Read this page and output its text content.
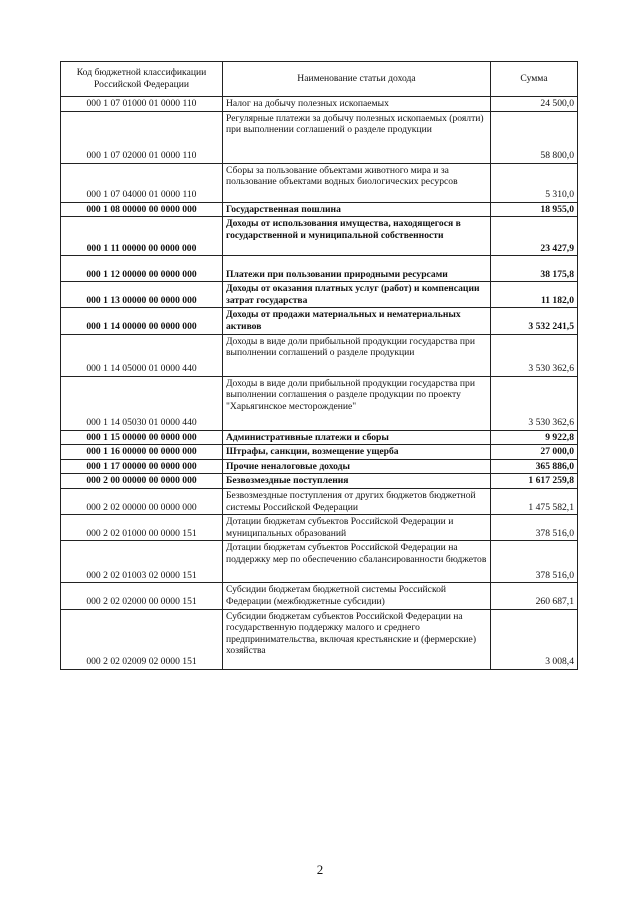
Код бюджетной классификации Российской Федерации	Наименование статьи дохода	Сумма
000 1 07 01000 01 0000 110	Налог на добычу полезных ископаемых	24 500,0
000 1 07 02000 01 0000 110	Регулярные платежи за добычу полезных ископаемых (роялти) при выполнении соглашений о разделе продукции	58 800,0
000 1 07 04000 01 0000 110	Сборы за пользование объектами животного мира и за пользование объектами водных биологических ресурсов	5 310,0
000 1 08 00000 00 0000 000	Государственная пошлина	18 955,0
000 1 11 00000 00 0000 000	Доходы от использования имущества, находящегося в государственной и муниципальной собственности	23 427,9
000 1 12 00000 00 0000 000	Платежи при пользовании природными ресурсами	38 175,8
000 1 13 00000 00 0000 000	Доходы от оказания платных услуг (работ) и компенсации затрат государства	11 182,0
000 1 14 00000 00 0000 000	Доходы от продажи материальных и нематериальных активов	3 532 241,5
000 1 14 05000 01 0000 440	Доходы в виде доли прибыльной продукции государства при выполнении соглашений о разделе продукции	3 530 362,6
000 1 14 05030 01 0000 440	Доходы в виде доли прибыльной продукции государства при выполнении соглашения о разделе продукции по проекту "Харьягинское месторождение"	3 530 362,6
000 1 15 00000 00 0000 000	Административные платежи и сборы	9 922,8
000 1 16 00000 00 0000 000	Штрафы, санкции, возмещение ущерба	27 000,0
000 1 17 00000 00 0000 000	Прочие неналоговые доходы	365 886,0
000 2 00 00000 00 0000 000	Безвозмездные поступления	1 617 259,8
000 2 02 00000 00 0000 000	Безвозмездные поступления от других бюджетов бюджетной системы Российской Федерации	1 475 582,1
000 2 02 01000 00 0000 151	Дотации бюджетам субъектов Российской Федерации и муниципальных образований	378 516,0
000 2 02 01003 02 0000 151	Дотации бюджетам субъектов Российской Федерации на поддержку мер по обеспечению сбалансированности бюджетов	378 516,0
000 2 02 02000 00 0000 151	Субсидии бюджетам бюджетной системы Российской Федерации (межбюджетные субсидии)	260 687,1
000 2 02 02009 02 0000 151	Субсидии бюджетам субъектов Российской Федерации на государственную поддержку малого и среднего предпринимательства, включая крестьянские и (фермерские) хозяйства	3 008,4
2
